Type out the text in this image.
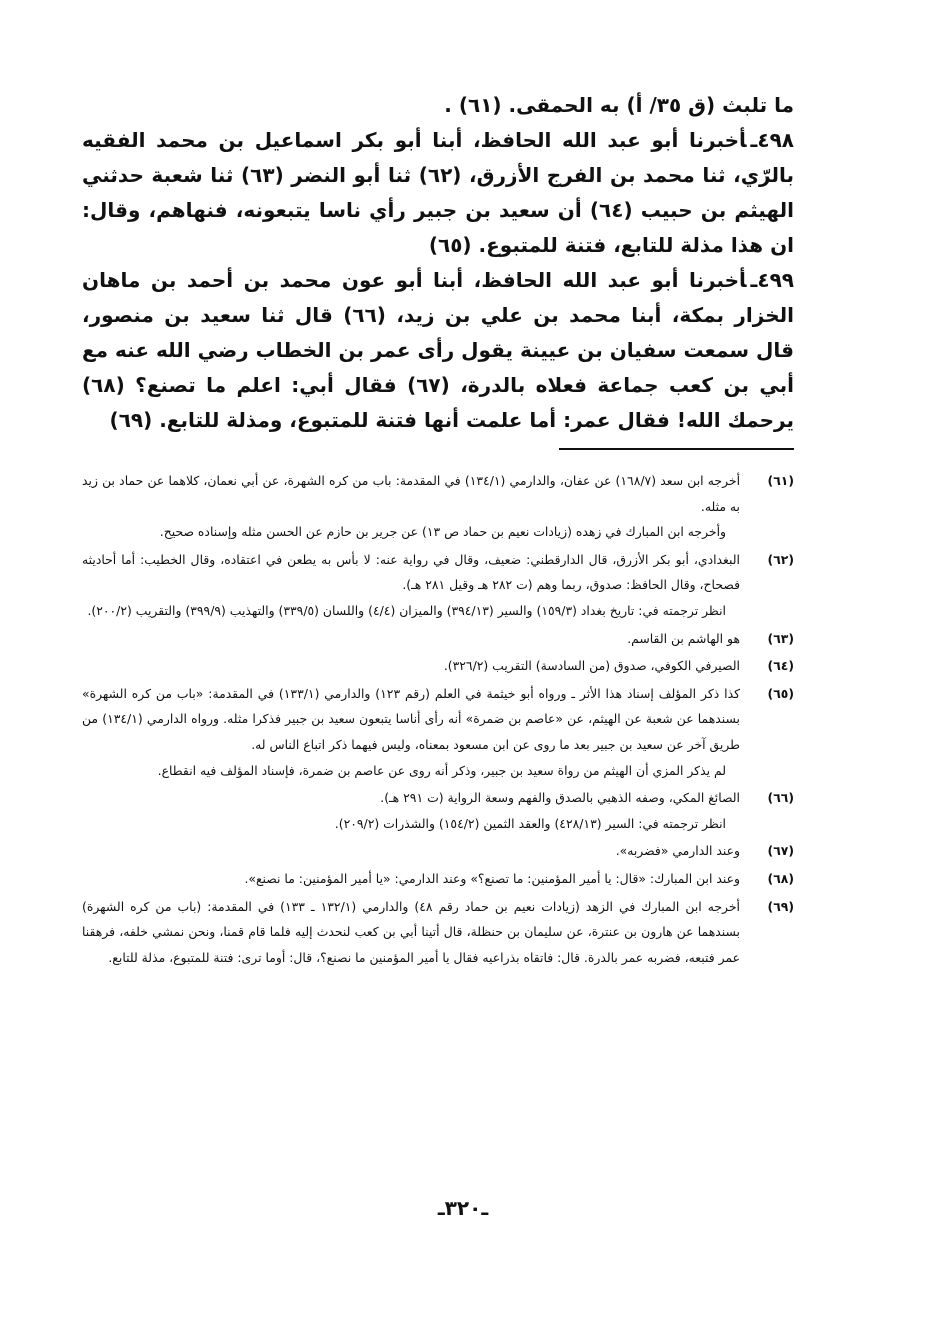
ما تلبث (ق ٣٥/ أ) به الحمقى. (٦١) .

٤٩٨ـأخبرنا أبو عبد الله الحافظ، أبنا أبو بكر اسماعيل بن محمد الفقيه بالرّي، ثنا محمد بن الفرج الأزرق، (٦٢) ثنا أبو النضر (٦٣) ثنا شعبة حدثني الهيثم بن حبيب (٦٤) أن سعيد بن جبير رأي ناسا يتبعونه، فنهاهم، وقال: ان هذا مذلة للتابع، فتنة للمتبوع. (٦٥)

٤٩٩ـأخبرنا أبو عبد الله الحافظ، أبنا أبو عون محمد بن أحمد بن ماهان الخزار بمكة، أبنا محمد بن علي بن زيد، (٦٦) قال ثنا سعيد بن منصور، قال سمعت سفيان بن عيينة يقول رأى عمر بن الخطاب رضي الله عنه مع أبي بن كعب جماعة فعلاه بالدرة، (٦٧) فقال أبي: اعلم ما تصنع؟ (٦٨) يرحمك الله! فقال عمر: أما علمت أنها فتنة للمتبوع، ومذلة للتابع. (٦٩)

(٦١)

أخرجه ابن سعد (١٦٨/٧) عن عفان، والدارمي (١٣٤/١) في المقدمة: باب من كره الشهرة، عن أبي نعمان، كلاهما عن حماد بن زيد به مثله.

وأخرجه ابن المبارك في زهده (زيادات نعيم بن حماد ص ١٣) عن جرير بن حازم عن الحسن مثله وإسناده صحيح.

(٦٢)

البغدادي، أبو بكر الأزرق، قال الدارقطني: ضعيف، وقال في رواية عنه: لا بأس به يطعن في اعتقاده، وقال الخطيب: أما أحاديثه فصحاح، وقال الحافظ: صدوق، ربما وهم (ت ٢٨٢ هـ وقيل ٢٨١ هـ).

انظر ترجمته في: تاريخ بغداد (١٥٩/٣) والسير (٣٩٤/١٣) والميزان (٤/٤) واللسان (٣٣٩/٥) والتهذيب (٣٩٩/٩) والتقريب (٢٠٠/٢).

(٦٣)

هو الهاشم بن القاسم.

(٦٤)

الصيرفي الكوفي، صدوق (من السادسة) التقريب (٣٢٦/٢).

(٦٥)

كذا ذكر المؤلف إسناد هذا الأثر ـ ورواه أبو خيثمة في العلم (رقم ١٢٣) والدارمي (١٣٣/١) في المقدمة: «باب من كره الشهرة» بسندهما عن شعبة عن الهيثم، عن «عاصم بن ضمرة» أنه رأى أناسا يتبعون سعيد بن جبير فذكرا مثله. ورواه الدارمي (١٣٤/١) من طريق آخر عن سعيد بن جبير بعد ما روى عن ابن مسعود بمعناه، وليس فيهما ذكر اتباع الناس له.

لم يذكر المزي أن الهيثم من رواة سعيد بن جبير، وذكر أنه روى عن عاصم بن ضمرة، فإسناد المؤلف فيه انقطاع.

(٦٦)

الصائغ المكي، وصفه الذهبي بالصدق والفهم وسعة الرواية (ت ٢٩١ هـ).

انظر ترجمته في: السير (٤٢٨/١٣) والعقد الثمين (١٥٤/٢) والشذرات (٢٠٩/٢).

(٦٧)

وعند الدارمي «فضربه».

(٦٨)

وعند ابن المبارك: «قال: يا أمير المؤمنين: ما تصنع؟» وعند الدارمي: «يا أمير المؤمنين: ما نصنع».

(٦٩)

أخرجه ابن المبارك في الزهد (زيادات نعيم بن حماد رقم ٤٨) والدارمي (١٣٢/١ ـ ١٣٣) في المقدمة: (باب من كره الشهرة) بسندهما عن هارون بن عنترة، عن سليمان بن حنظلة، قال أتينا أبي بن كعب لنحدث إليه فلما قام قمنا، ونحن نمشي خلفه، فرهقنا عمر فتبعه، فضربه عمر بالدرة. قال: فاتقاه بذراعيه فقال يا أمير المؤمنين ما نصنع؟، قال: أوما ترى: فتنة للمتبوع، مذلة للتابع.

ـ٣٢٠ـ
